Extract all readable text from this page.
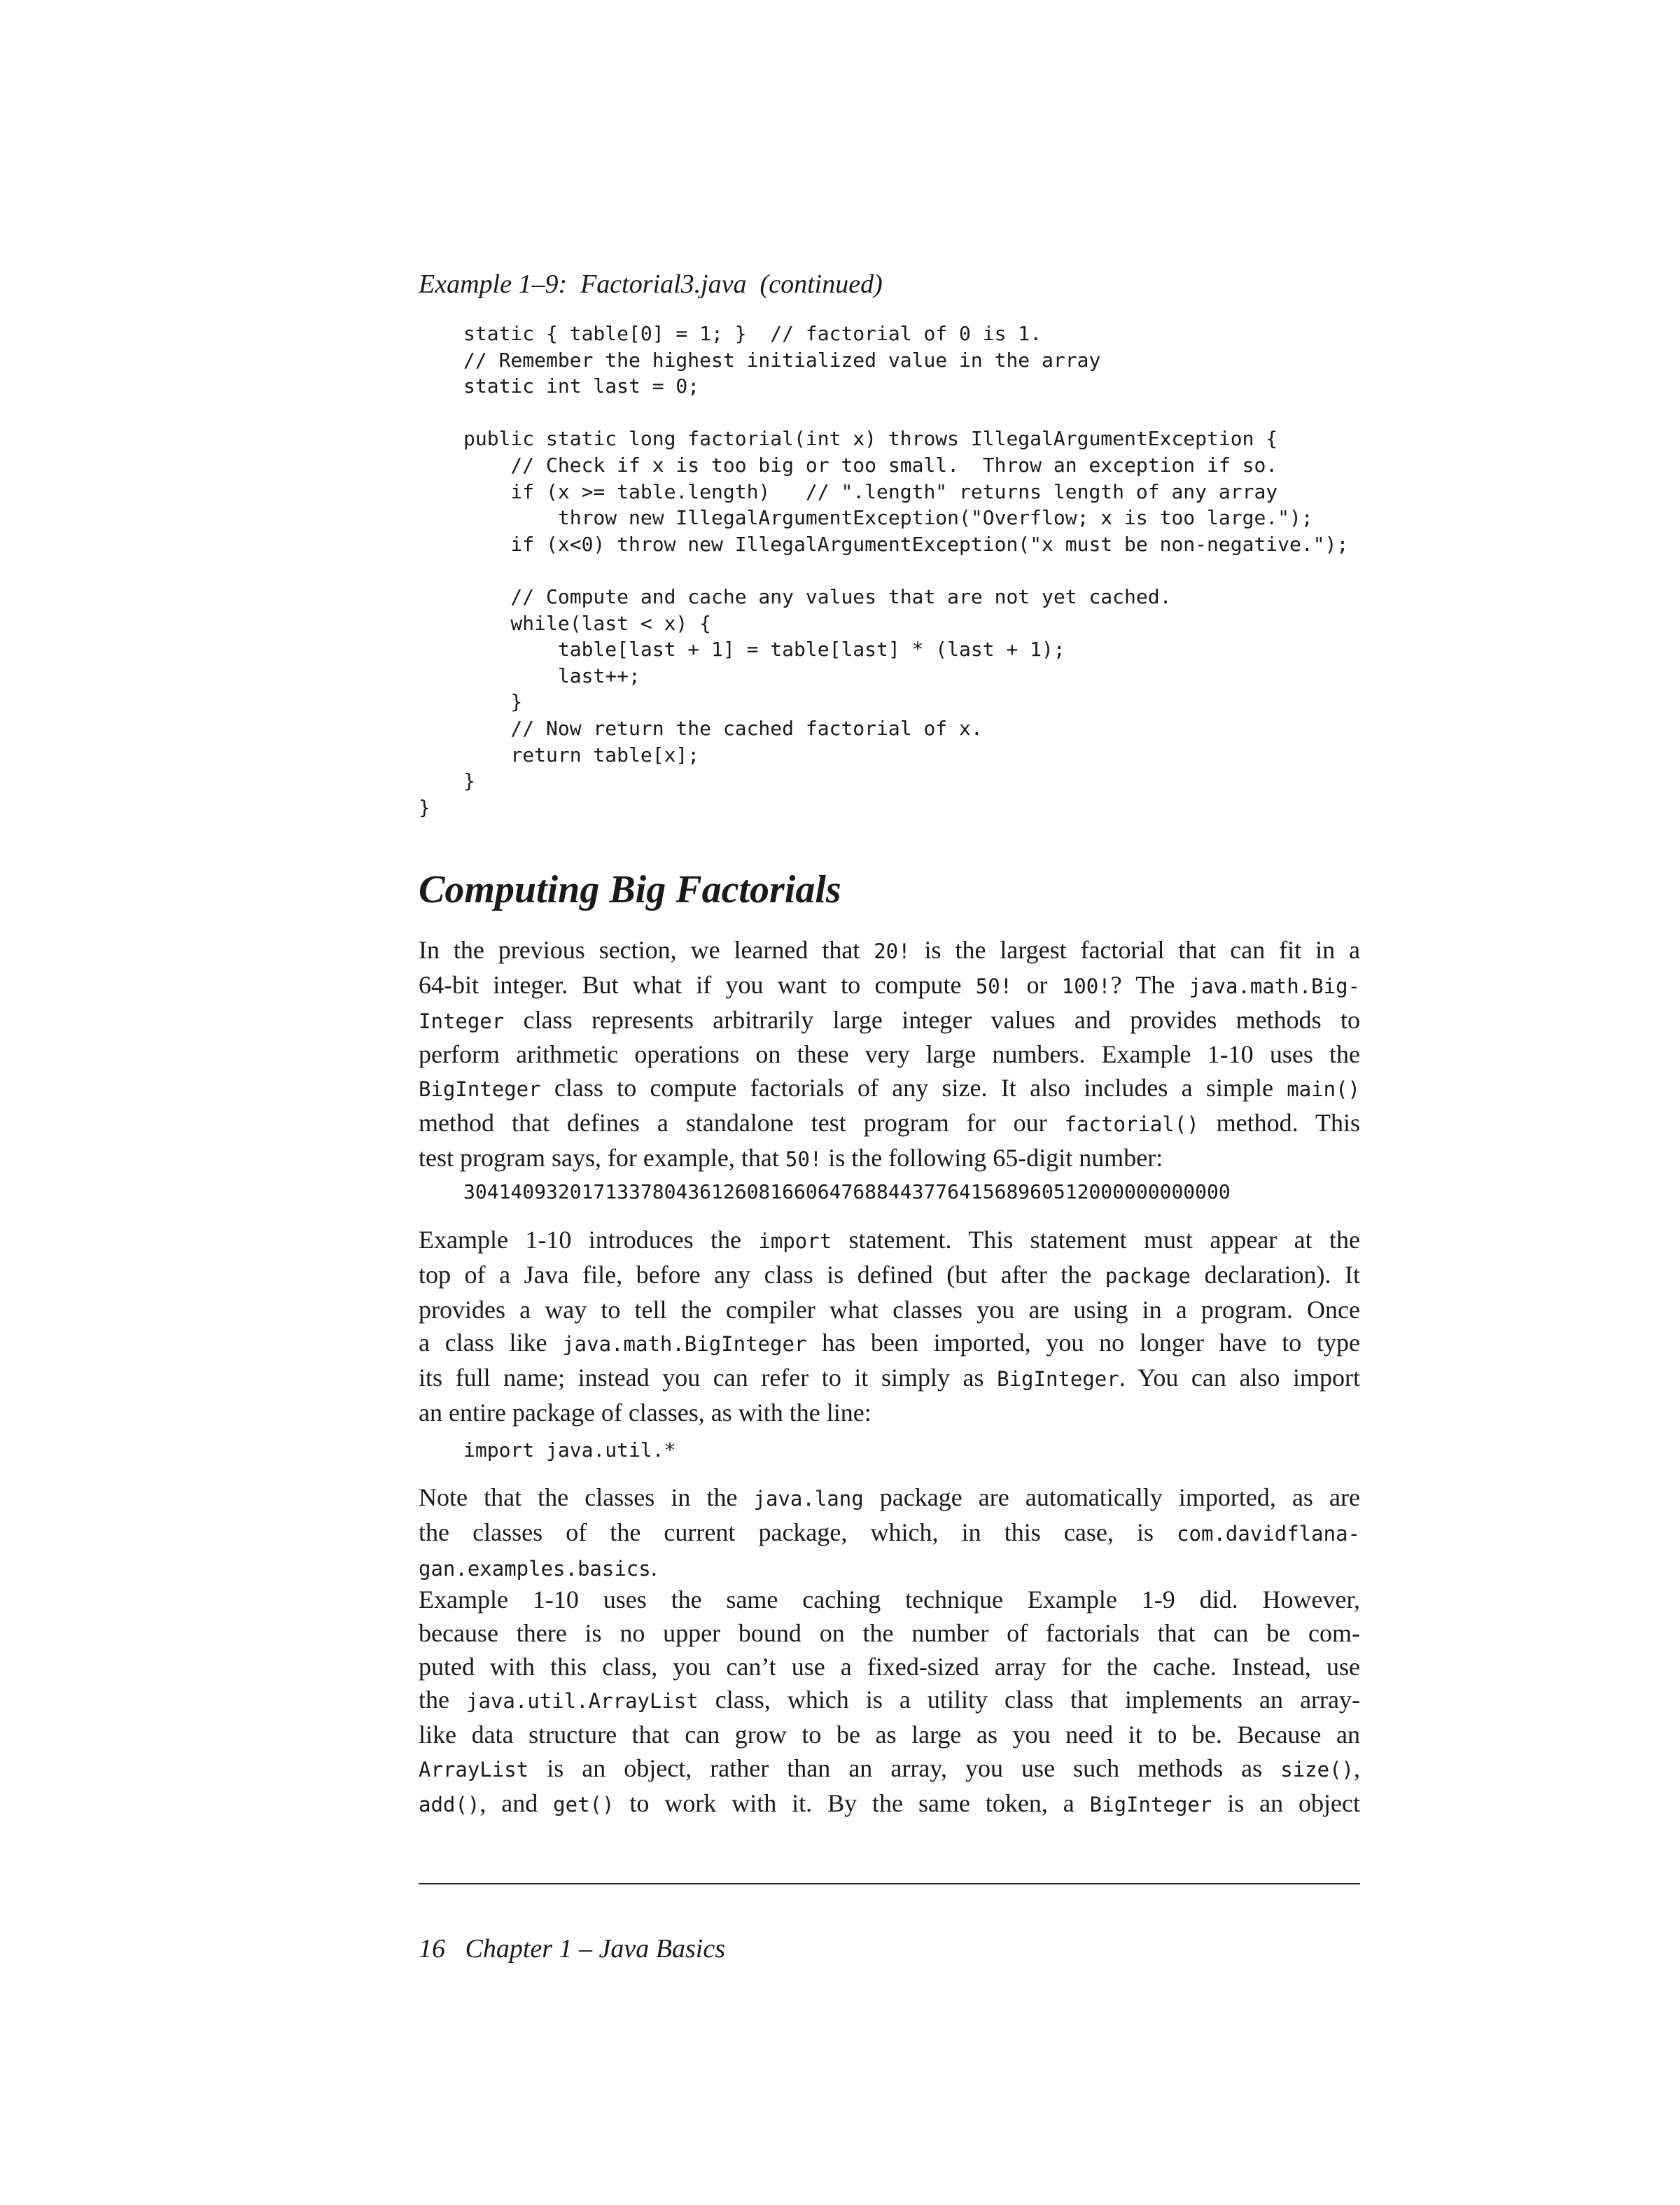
Example 1–9:  Factorial3.java  (continued)

static { table[0] = 1; }  // factorial of 0 is 1.
// Remember the highest initialized value in the array
static int last = 0;

public static long factorial(int x) throws IllegalArgumentException {
// Check if x is too big or too small.  Throw an exception if so.
if (x >= table.length)   // ".length" returns length of any array
throw new IllegalArgumentException("Overflow; x is too large.");
if (x<0) throw new IllegalArgumentException("x must be non-negative.");

// Compute and cache any values that are not yet cached.
while(last < x) {
table[last + 1] = table[last] * (last + 1);
last++;
}
// Now return the cached factorial of x.
return table[x];
}

}

Computing Big Factorials
In the previous section, we learned that 20! is the largest factorial that can fit in a
64-bit integer. But what if you want to compute 50! or 100!? The java.math.Big-
Integer class represents arbitrarily large integer values and provides methods to
perform arithmetic operations on these very large numbers. Example 1-10 uses the
BigInteger class to compute factorials of any size. It also includes a simple main()
method that defines a standalone test program for our factorial() method. This
test program says, for example, that 50! is the following 65-digit number:

30414093201713378043612608166064768844377641568960512000000000000

Example 1-10 introduces the import statement. This statement must appear at the
top of a Java file, before any class is defined (but after the package declaration). It
provides a way to tell the compiler what classes you are using in a program. Once
a class like java.math.BigInteger has been imported, you no longer have to type
its full name; instead you can refer to it simply as BigInteger. You can also import
an entire package of classes, as with the line:

import java.util.*

Note that the classes in the java.lang package are automatically imported, as are
the classes of the current package, which, in this case, is com.davidflana-
gan.examples.basics.
Example 1-10 uses the same caching technique Example 1-9 did. However,
because there is no upper bound on the number of factorials that can be com-
puted with this class, you can’t use a fixed-sized array for the cache. Instead, use
the java.util.ArrayList class, which is a utility class that implements an array-
like data structure that can grow to be as large as you need it to be. Because an
ArrayList is an object, rather than an array, you use such methods as size(),
add(), and get() to work with it. By the same token, a BigInteger is an object

16 Chapter 1 – Java Basics
